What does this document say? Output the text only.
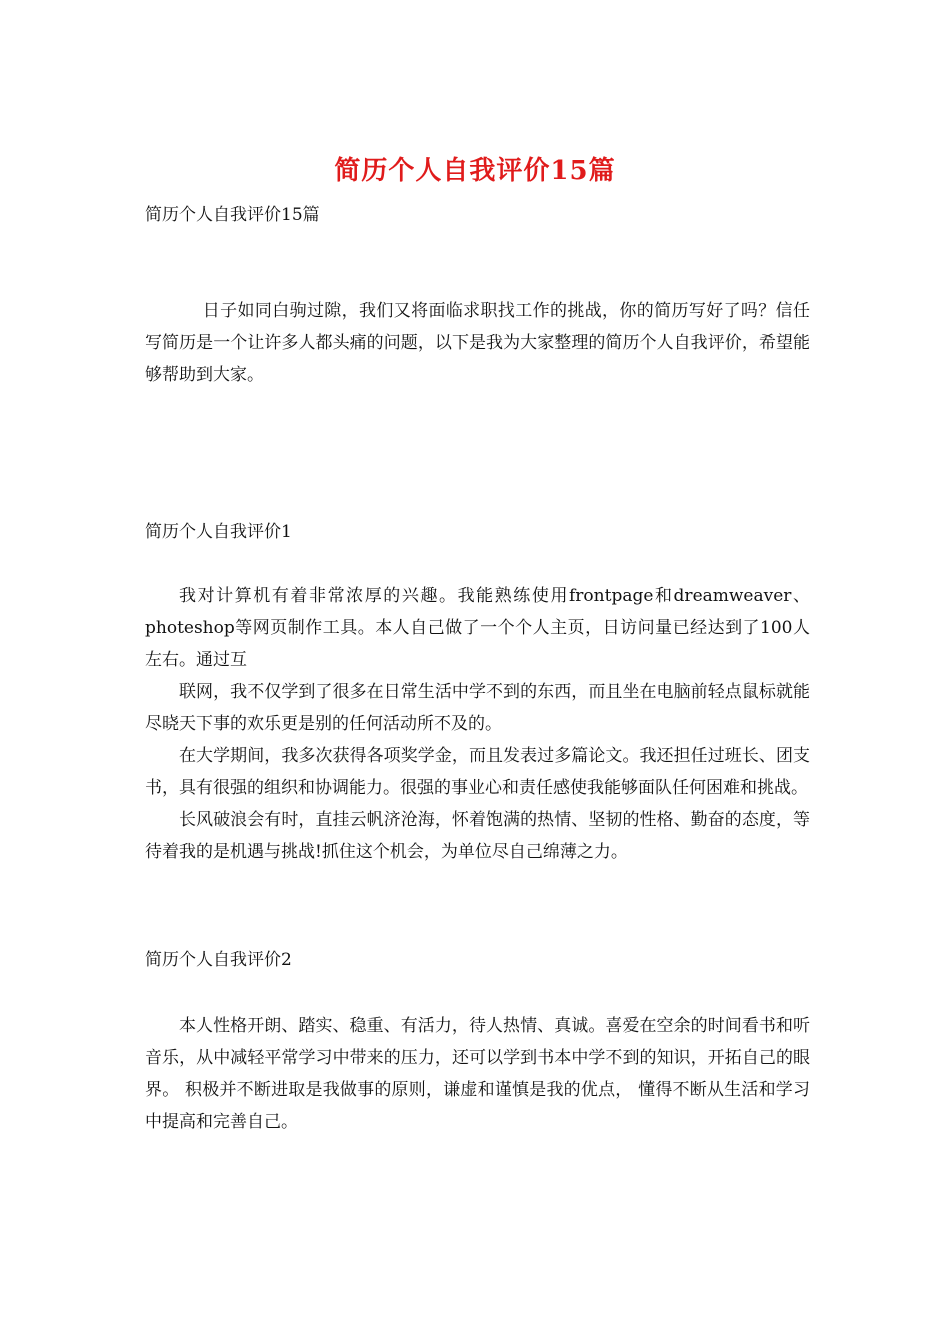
简历个人自我评价15篇
简历个人自我评价15篇

日子如同白驹过隙，我们又将面临求职找工作的挑战，你的简历写好了吗？信任写简历是一个让许多人都头痛的问题，以下是我为大家整理的简历个人自我评价，希望能够帮助到大家。

简历个人自我评价1

我对计算机有着非常浓厚的兴趣。我能熟练使用frontpage和dreamweaver、photeshop等网页制作工具。本人自己做了一个个人主页，日访问量已经达到了100人左右。通过互

联网，我不仅学到了很多在日常生活中学不到的东西，而且坐在电脑前轻点鼠标就能尽晓天下事的欢乐更是别的任何活动所不及的。

在大学期间，我多次获得各项奖学金，而且发表过多篇论文。我还担任过班长、团支书，具有很强的组织和协调能力。很强的事业心和责任感使我能够面队任何困难和挑战。

长风破浪会有时，直挂云帆济沧海，怀着饱满的热情、坚韧的性格、勤奋的态度，等待着我的是机遇与挑战!抓住这个机会，为单位尽自己绵薄之力。

简历个人自我评价2

本人性格开朗、踏实、稳重、有活力，待人热情、真诚。喜爱在空余的时间看书和听音乐，从中减轻平常学习中带来的压力，还可以学到书本中学不到的知识，开拓自己的眼界。 积极并不断进取是我做事的原则，谦虚和谨慎是我的优点， 懂得不断从生活和学习中提高和完善自己。
